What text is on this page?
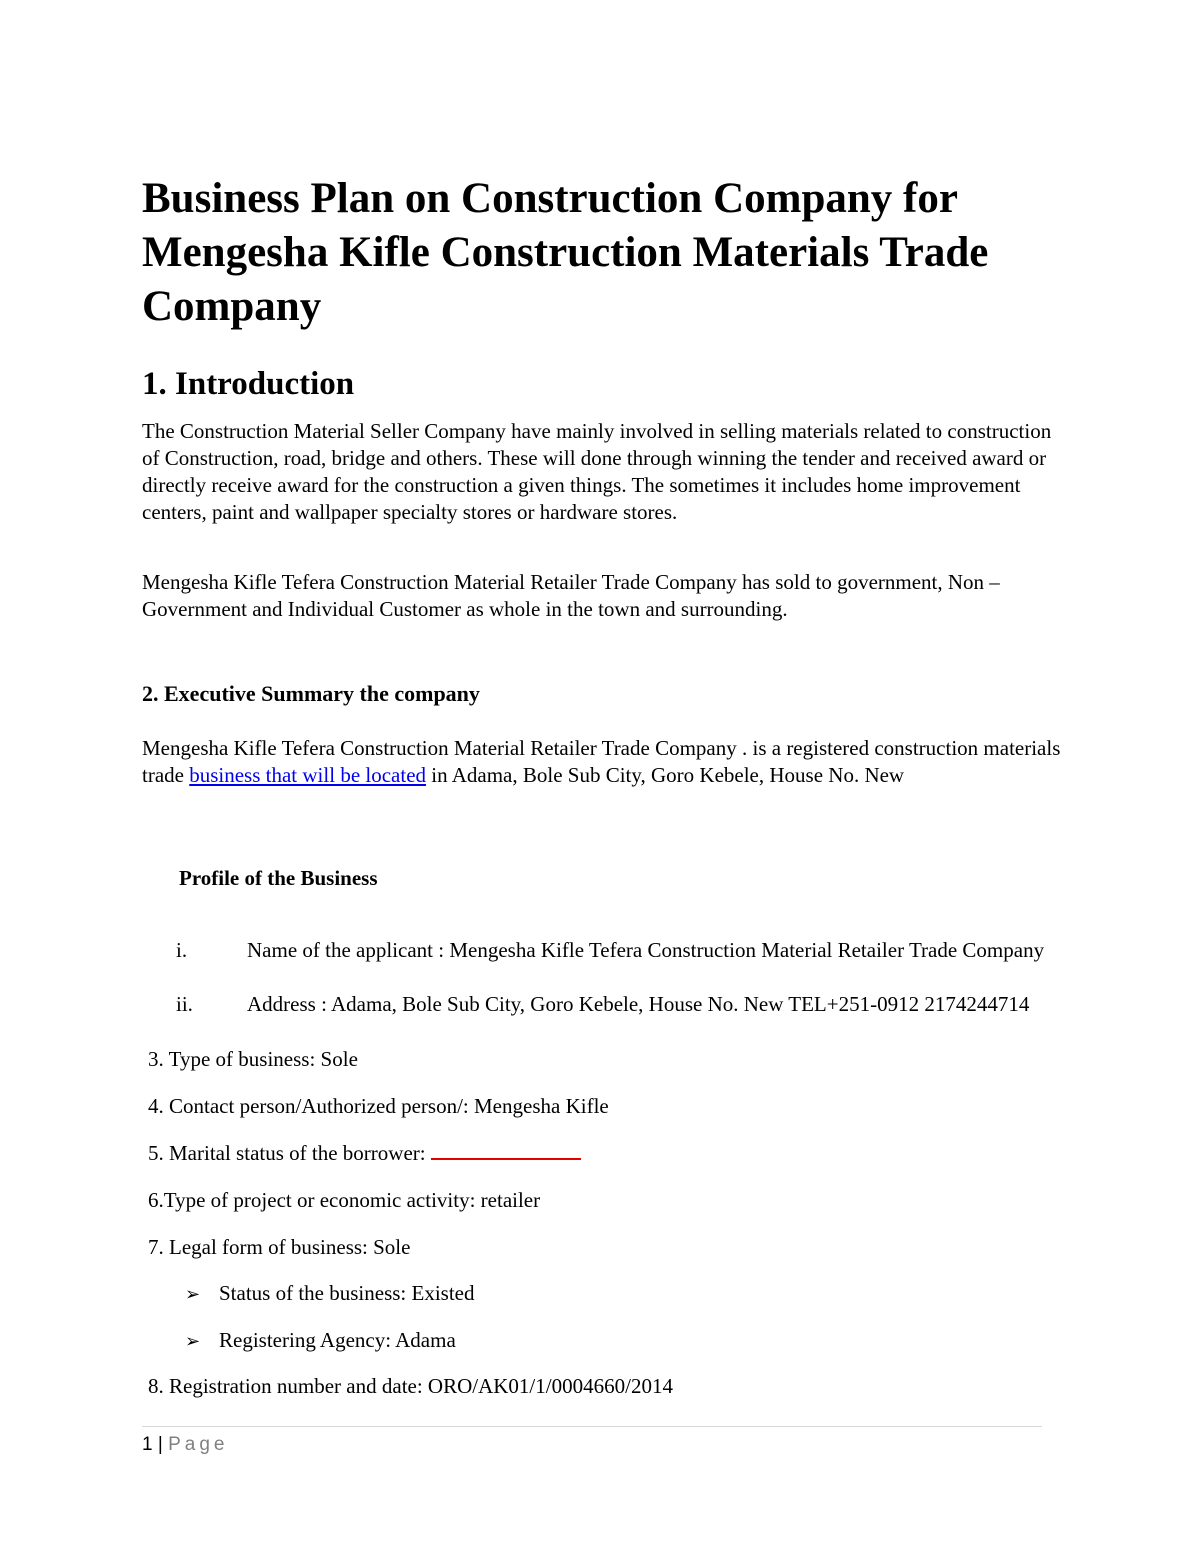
Business Plan on Construction Company for Mengesha Kifle Construction Materials Trade Company
1. Introduction

The Construction Material Seller Company have mainly involved in selling materials related to construction of Construction, road, bridge and others. These will done through winning the tender and received award or directly receive award for the construction a given things. The sometimes it includes home improvement centers, paint and wallpaper specialty stores or hardware stores.

Mengesha Kifle Tefera Construction Material Retailer Trade Company has sold to government, Non –Government and Individual Customer as whole in the town and surrounding.

2. Executive Summary the company

Mengesha Kifle Tefera Construction Material Retailer Trade Company . is a registered construction materials trade business that will be located in Adama, Bole Sub City, Goro Kebele, House No. New

Profile of the Business
i.	Name of the applicant : Mengesha Kifle Tefera Construction Material Retailer Trade Company
ii.	Address : Adama, Bole Sub City, Goro Kebele, House No. New TEL+251-0912 2174244714

3. Type of business: Sole

4. Contact person/Authorized person/: Mengesha Kifle

5. Marital status of the borrower:

6.Type of project or economic activity: retailer

7. Legal form of business: Sole

➢ Status of the business: Existed
➢ Registering Agency: Adama

8. Registration number and date: ORO/AK01/1/0004660/2014

1 | Page
